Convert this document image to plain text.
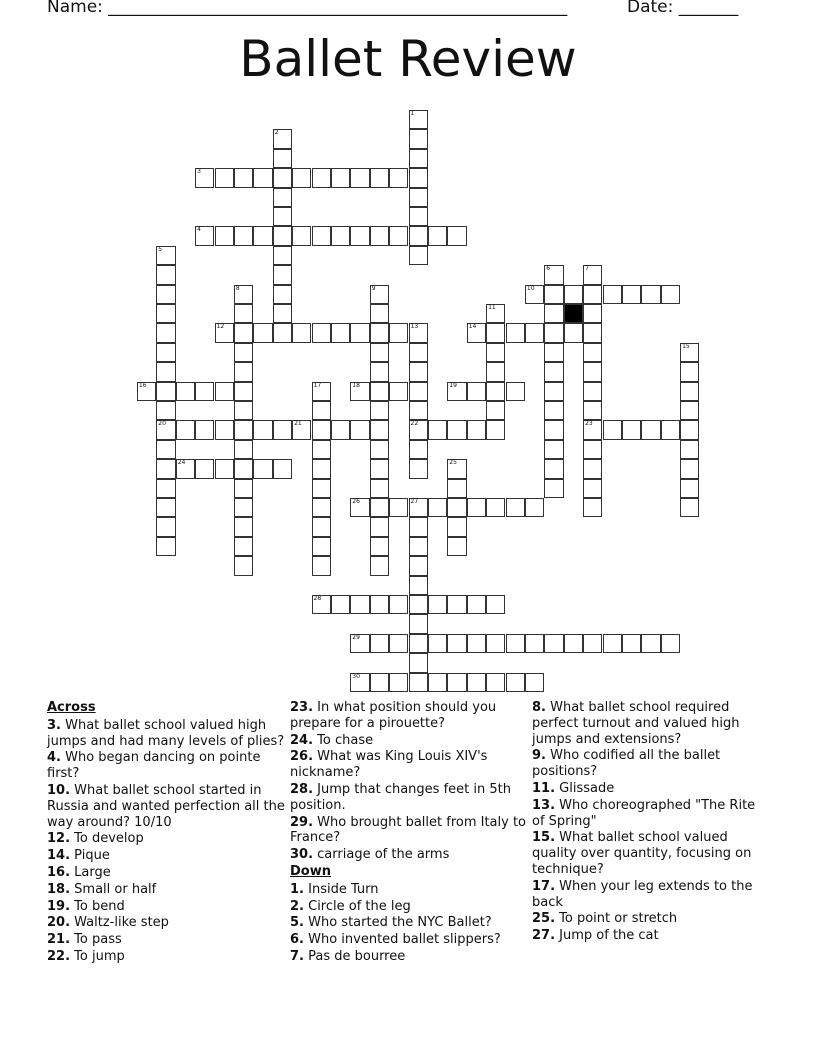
Name: ______________________________________________________	Date: _______
Ballet Review
1
2
3
4
5
20
6	7
23
8	9	10
11
12	13
22
14
15
16	17	18	19
21
24	25
26	27
28
29
30
Across
3. What ballet school valued high jumps and had many levels of plies?
4. Who began dancing on pointe first?
10. What ballet school started in Russia and wanted perfection all the way around? 10/10
12. To develop
14. Pique
16. Large
18. Small or half
19. To bend
20. Waltz-like step
21. To pass
22. To jump
23. In what position should you prepare for a pirouette?
24. To chase
26. What was King Louis XIV's nickname?
28. Jump that changes feet in 5th position.
29. Who brought ballet from Italy to France?
30. carriage of the arms
Down
1. Inside Turn
2. Circle of the leg
5. Who started the NYC Ballet?
6. Who invented ballet slippers?
7. Pas de bourree
8. What ballet school required perfect turnout and valued high jumps and extensions?
9. Who codified all the ballet positions?
11. Glissade
13. Who choreographed "The Rite of Spring"
15. What ballet school valued quality over quantity, focusing on technique?
17. When your leg extends to the back
25. To point or stretch
27. Jump of the cat
